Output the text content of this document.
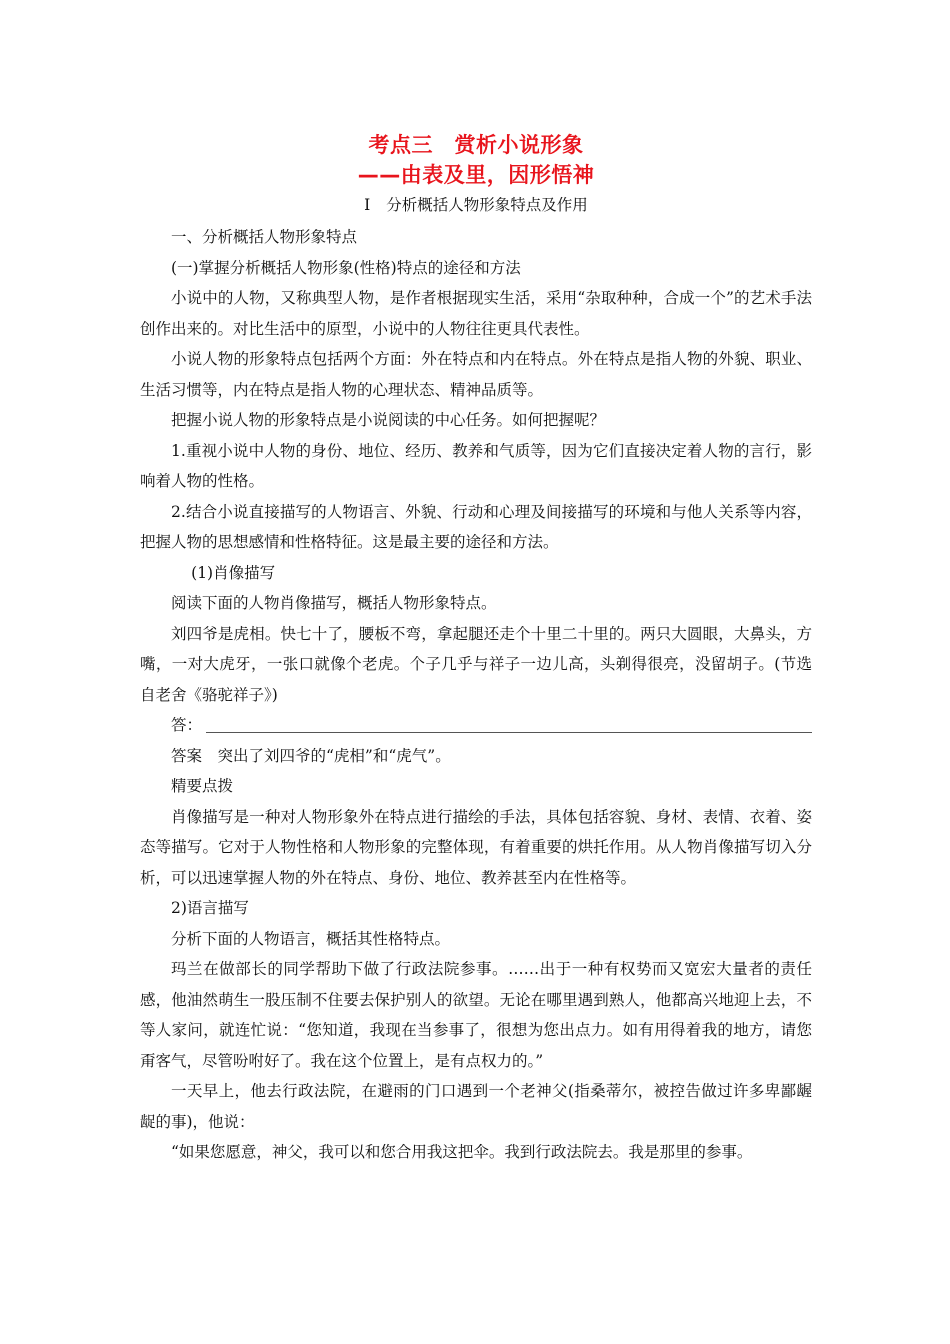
考点三　赏析小说形象
——由表及里，因形悟神
Ⅰ 分析概括人物形象特点及作用

一、分析概括人物形象特点

(一)掌握分析概括人物形象(性格)特点的途径和方法

小说中的人物，又称典型人物，是作者根据现实生活，采用“杂取种种，合成一个”的艺术手法创作出来的。对比生活中的原型，小说中的人物往往更具代表性。

小说人物的形象特点包括两个方面：外在特点和内在特点。外在特点是指人物的外貌、职业、生活习惯等，内在特点是指人物的心理状态、精神品质等。

把握小说人物的形象特点是小说阅读的中心任务。如何把握呢？

1.重视小说中人物的身份、地位、经历、教养和气质等，因为它们直接决定着人物的言行，影响着人物的性格。

2.结合小说直接描写的人物语言、外貌、行动和心理及间接描写的环境和与他人关系等内容，把握人物的思想感情和性格特征。这是最主要的途径和方法。

(1)肖像描写

阅读下面的人物肖像描写，概括人物形象特点。

刘四爷是虎相。快七十了，腰板不弯，拿起腿还走个十里二十里的。两只大圆眼，大鼻头，方嘴，一对大虎牙，一张口就像个老虎。个子几乎与祥子一边儿高，头剃得很亮，没留胡子。(节选自老舍《骆驼祥子》)

答：

答案　突出了刘四爷的“虎相”和“虎气”。

精要点拨

肖像描写是一种对人物形象外在特点进行描绘的手法，具体包括容貌、身材、表情、衣着、姿态等描写。它对于人物性格和人物形象的完整体现，有着重要的烘托作用。从人物肖像描写切入分析，可以迅速掌握人物的外在特点、身份、地位、教养甚至内在性格等。

2)语言描写

分析下面的人物语言，概括其性格特点。

玛兰在做部长的同学帮助下做了行政法院参事。……出于一种有权势而又宽宏大量者的责任感，他油然萌生一股压制不住要去保护别人的欲望。无论在哪里遇到熟人，他都高兴地迎上去，不等人家问，就连忙说：“您知道，我现在当参事了，很想为您出点力。如有用得着我的地方，请您甭客气，尽管吩咐好了。我在这个位置上，是有点权力的。”

一天早上，他去行政法院，在避雨的门口遇到一个老神父(指桑蒂尔，被控告做过许多卑鄙龌龊的事)，他说：

“如果您愿意，神父，我可以和您合用我这把伞。我到行政法院去。我是那里的参事。
